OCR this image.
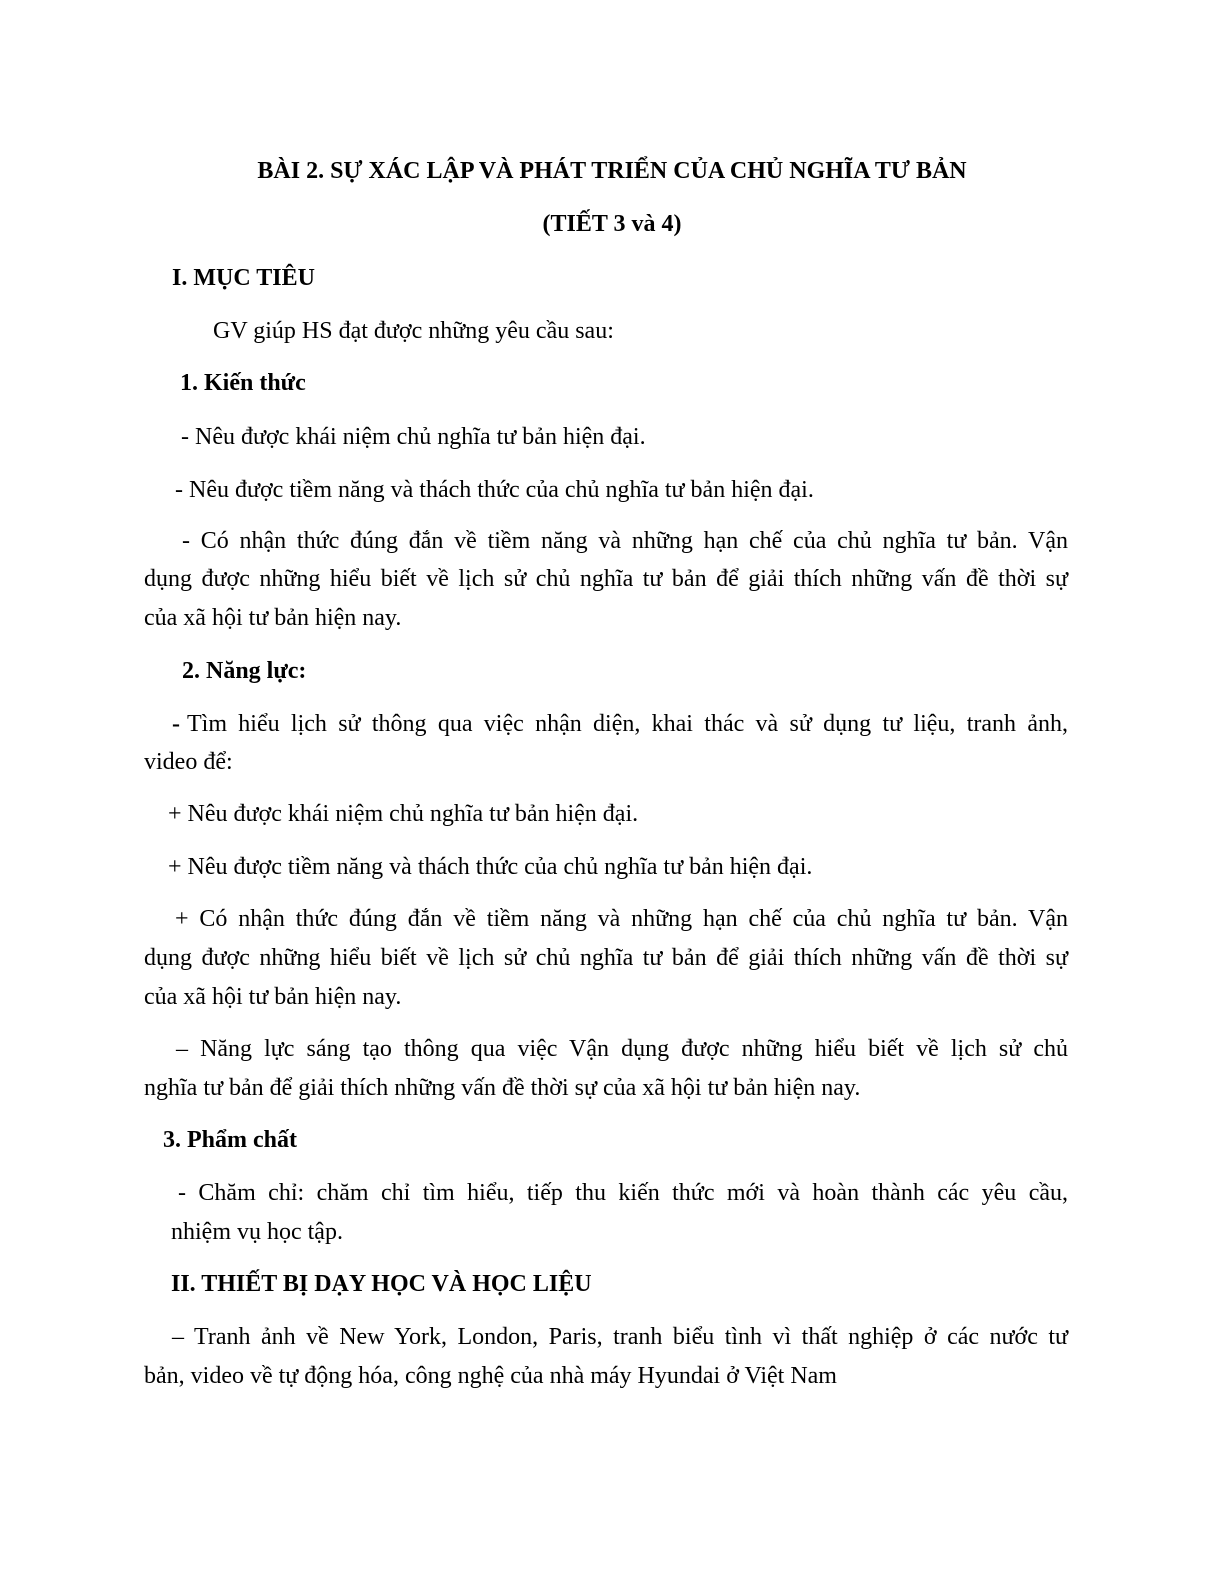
BÀI 2. SỰ XÁC LẬP VÀ PHÁT TRIỂN CỦA CHỦ NGHĨA TƯ BẢN
(TIẾT 3 và 4)
I. MỤC TIÊU
GV giúp HS đạt được những yêu cầu sau:
1. Kiến thức
- Nêu được khái niệm chủ nghĩa tư bản hiện đại.
- Nêu được tiềm năng và thách thức của chủ nghĩa tư bản hiện đại.
- Có nhận thức đúng đắn về tiềm năng và những hạn chế của chủ nghĩa tư bản. Vận
dụng được những hiểu biết về lịch sử chủ nghĩa tư bản để giải thích những vấn đề thời sự
của xã hội tư bản hiện nay.
2. Năng lực:
- Tìm hiểu lịch sử thông qua việc nhận diện, khai thác và sử dụng tư liệu, tranh ảnh,
video để:
+ Nêu được khái niệm chủ nghĩa tư bản hiện đại.
+ Nêu được tiềm năng và thách thức của chủ nghĩa tư bản hiện đại.
+ Có nhận thức đúng đắn về tiềm năng và những hạn chế của chủ nghĩa tư bản. Vận
dụng được những hiểu biết về lịch sử chủ nghĩa tư bản để giải thích những vấn đề thời sự
của xã hội tư bản hiện nay.
– Năng lực sáng tạo thông qua việc Vận dụng được những hiểu biết về lịch sử chủ
nghĩa tư bản để giải thích những vấn đề thời sự của xã hội tư bản hiện nay.
3. Phẩm chất
- Chăm chỉ: chăm chỉ tìm hiểu, tiếp thu kiến thức mới và hoàn thành các yêu cầu,
nhiệm vụ học tập.
II. THIẾT BỊ DẠY HỌC VÀ HỌC LIỆU
– Tranh ảnh về New York, London, Paris, tranh biểu tình vì thất nghiệp ở các nước tư
bản, video về tự động hóa, công nghệ của nhà máy Hyundai ở Việt Nam
